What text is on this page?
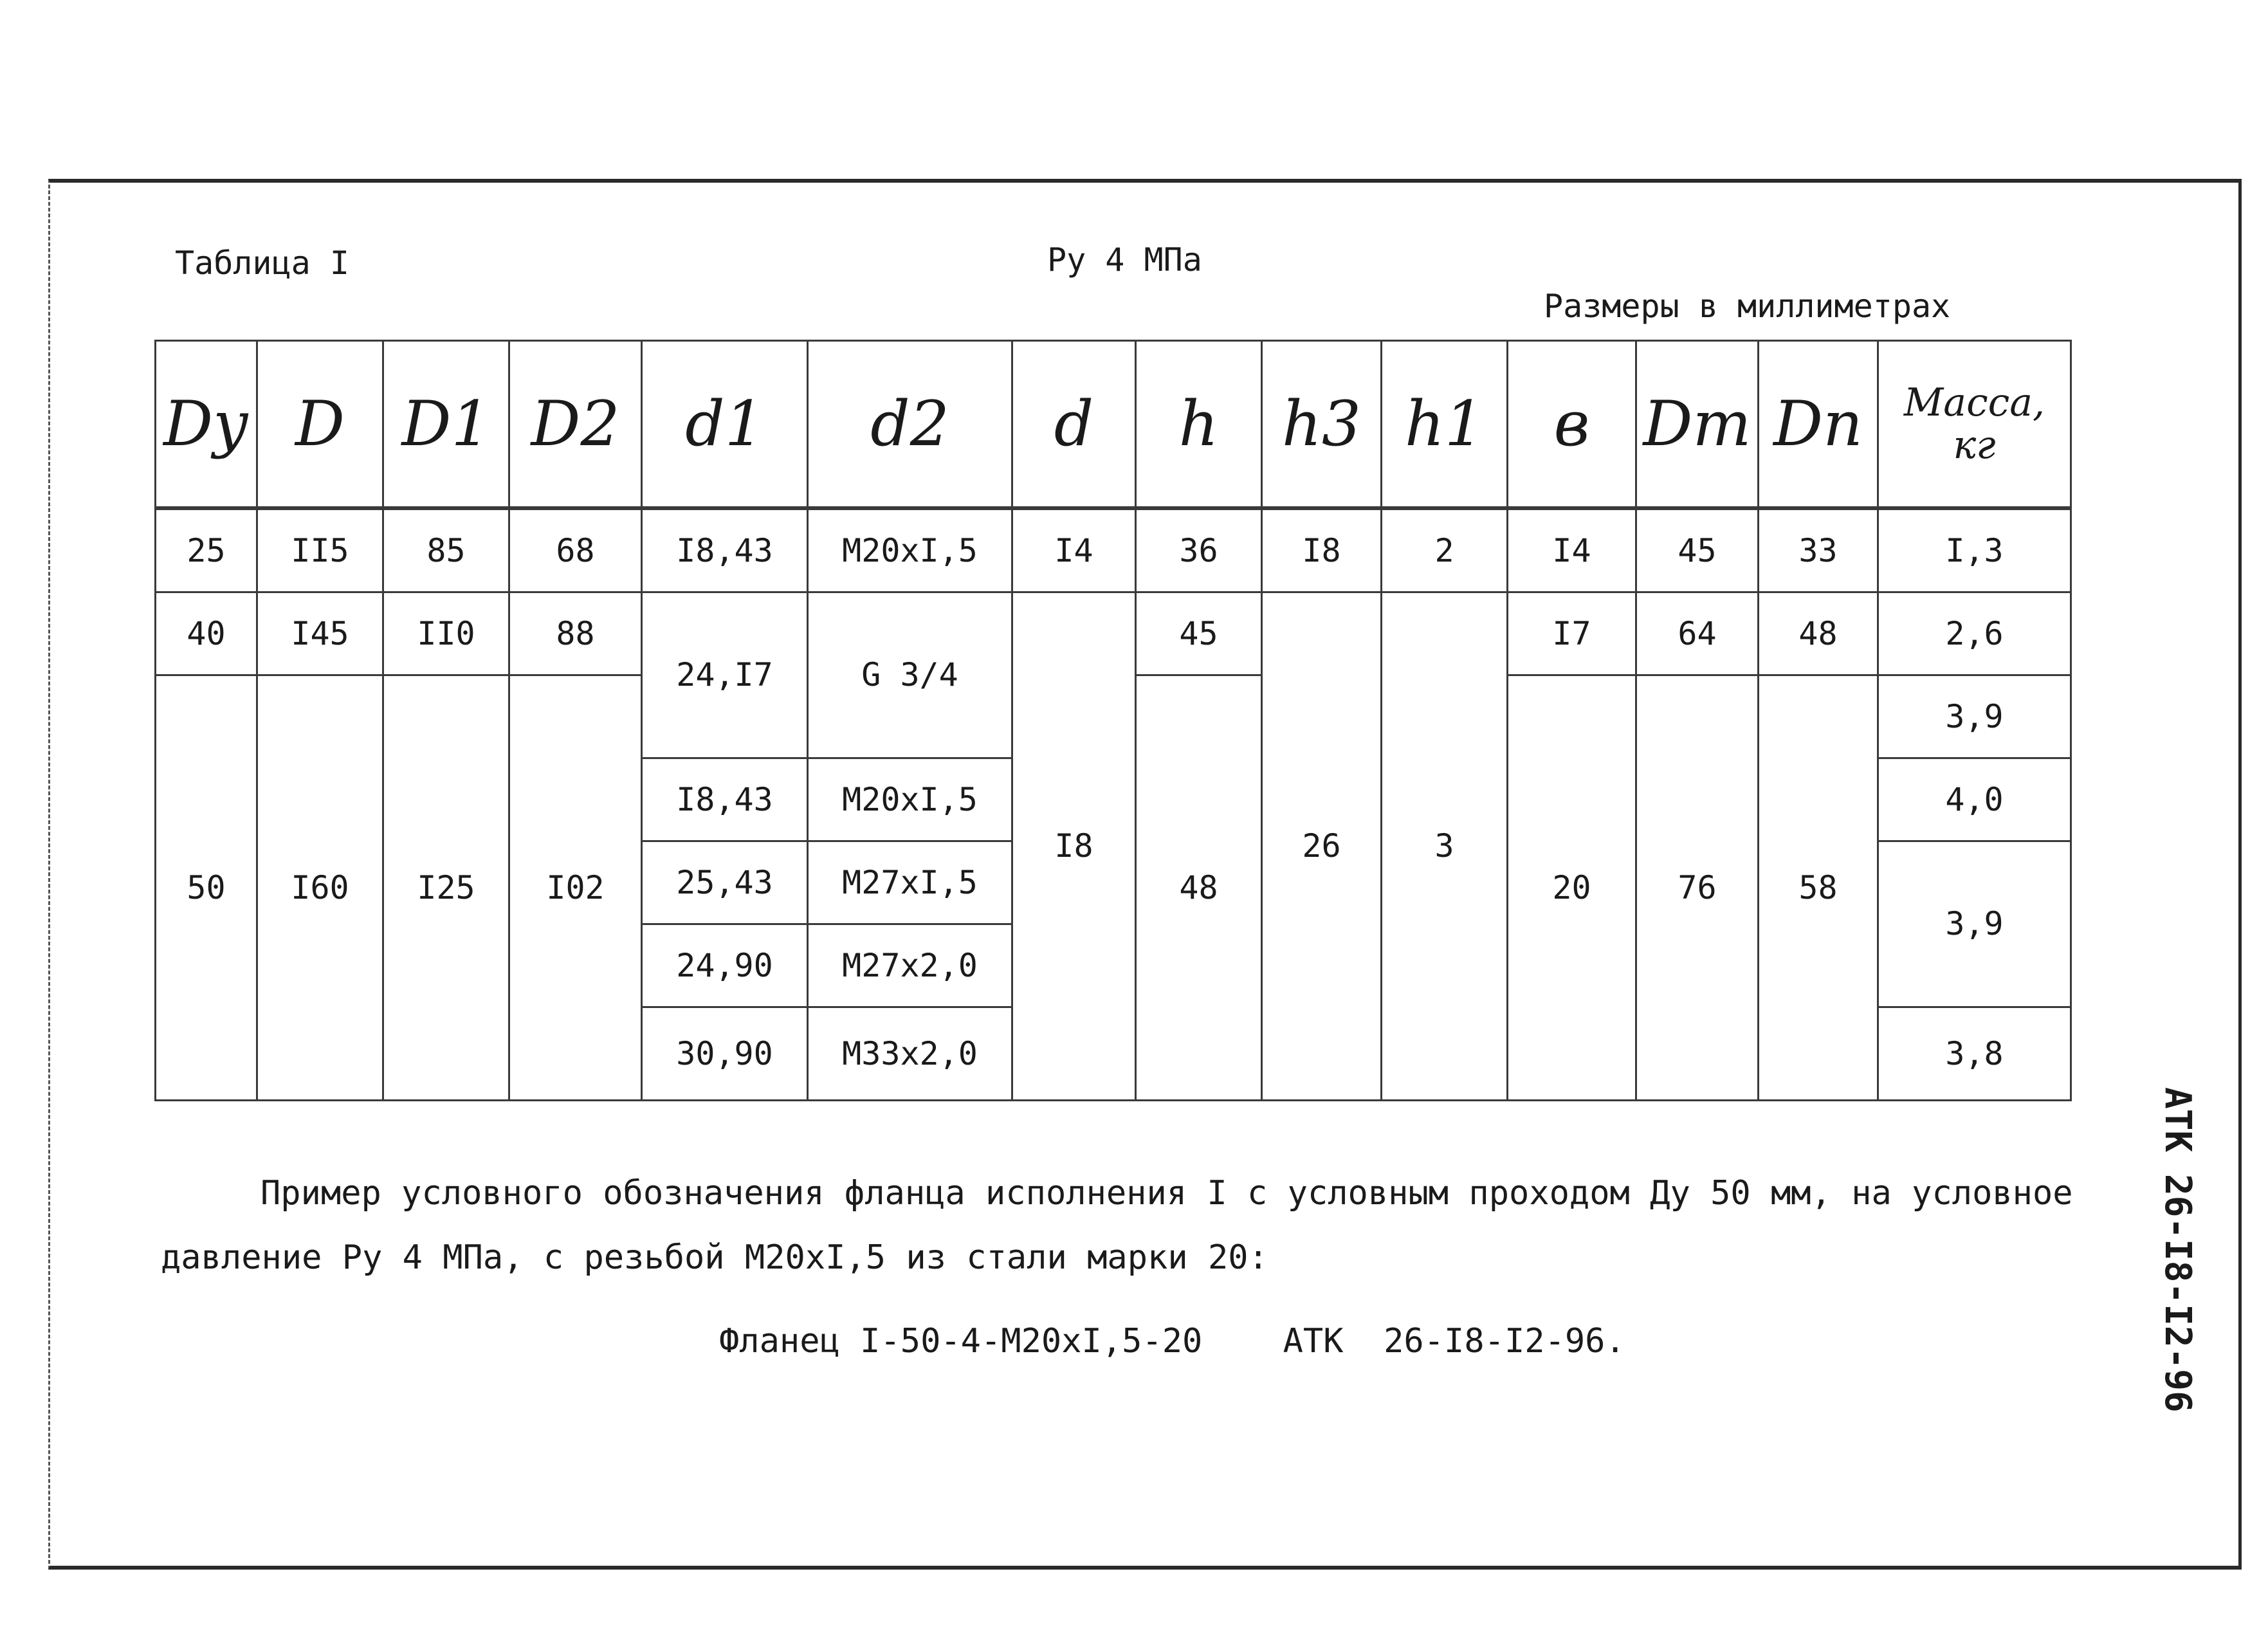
Таблица I	Ру 4 МПа
Размеры в миллиметрах
Dу	D	D1	D2	d1	d2	d	h	h3	h1	в	Dm	Dn	Масса,
кг
25	II5	85	68	I8,43	M20xI,5	I4	36	I8	2	I4	45	33	I,3
40	I45	II0	88	24,I7	G 3/4	I8	45	26	3	I7	64	48	2,6
50	I60	I25	I02				48			20	76	58	3,9
				I8,43	M20xI,5								4,0
				25,43	M27xI,5								3,9
				24,90	M27x2,0								
				30,90	M33x2,0								3,8
Пример условного обозначения фланца исполнения I с условным проходом Ду 50 мм, на условное
давление Ру 4 МПа, с резьбой M20xI,5 из стали марки 20:
Фланец I-50-4-M20xI,5-20    АТК  26-I8-I2-96.	АТК 26-I8-I2-96
